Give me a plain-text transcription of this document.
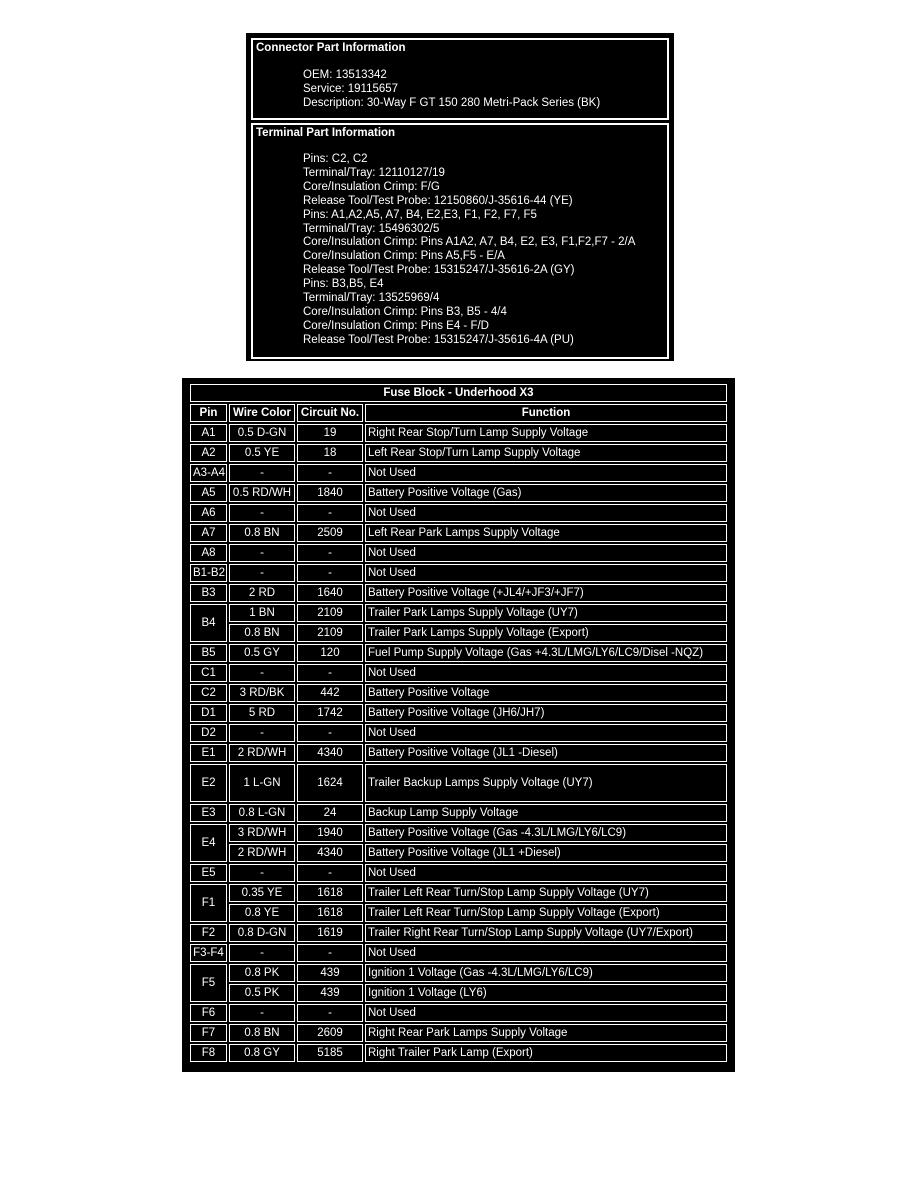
Connector Part Information
OEM: 13513342
Service: 19115657
Description: 30-Way F GT 150 280 Metri-Pack Series (BK)
Terminal Part Information
Pins: C2, C2
Terminal/Tray: 12110127/19
Core/Insulation Crimp: F/G
Release Tool/Test Probe: 12150860/J-35616-44 (YE)
Pins: A1,A2,A5, A7, B4, E2,E3, F1, F2, F7, F5
Terminal/Tray: 15496302/5
Core/Insulation Crimp: Pins A1A2, A7, B4, E2, E3, F1,F2,F7 - 2/A
Core/Insulation Crimp: Pins A5,F5 - E/A
Release Tool/Test Probe: 15315247/J-35616-2A (GY)
Pins: B3,B5, E4
Terminal/Tray: 13525969/4
Core/Insulation Crimp: Pins B3, B5 - 4/4
Core/Insulation Crimp: Pins E4 - F/D
Release Tool/Test Probe: 15315247/J-35616-4A (PU)
Fuse Block - Underhood X3			
Pin	Wire Color	Circuit No.	Function
A1	0.5 D-GN	19	Right Rear Stop/Turn Lamp Supply Voltage
A2	0.5 YE	18	Left Rear Stop/Turn Lamp Supply Voltage
A3-A4	-	-	Not Used
A5	0.5 RD/WH	1840	Battery Positive Voltage (Gas)
A6	-	-	Not Used
A7	0.8 BN	2509	Left Rear Park Lamps Supply Voltage
A8	-	-	Not Used
B1-B2	-	-	Not Used
B3	2 RD	1640	Battery Positive Voltage (+JL4/+JF3/+JF7)
B4	1 BN	2109	Trailer Park Lamps Supply Voltage (UY7)
	0.8 BN	2109	Trailer Park Lamps Supply Voltage (Export)
B5	0.5 GY	120	Fuel Pump Supply Voltage (Gas +4.3L/LMG/LY6/LC9/Disel -NQZ)
C1	-	-	Not Used
C2	3 RD/BK	442	Battery Positive Voltage
D1	5 RD	1742	Battery Positive Voltage (JH6/JH7)
D2	-	-	Not Used
E1	2 RD/WH	4340	Battery Positive Voltage (JL1 -Diesel)
E2	1 L-GN	1624	Trailer Backup Lamps Supply Voltage (UY7)
E3	0.8 L-GN	24	Backup Lamp Supply Voltage
E4	3 RD/WH	1940	Battery Positive Voltage (Gas -4.3L/LMG/LY6/LC9)
	2 RD/WH	4340	Battery Positive Voltage (JL1 +Diesel)
E5	-	-	Not Used
F1	0.35 YE	1618	Trailer Left Rear Turn/Stop Lamp Supply Voltage (UY7)
	0.8 YE	1618	Trailer Left Rear Turn/Stop Lamp Supply Voltage (Export)
F2	0.8 D-GN	1619	Trailer Right Rear Turn/Stop Lamp Supply Voltage (UY7/Export)
F3-F4	-	-	Not Used
F5	0.8 PK	439	Ignition 1 Voltage (Gas -4.3L/LMG/LY6/LC9)
	0.5 PK	439	Ignition 1 Voltage (LY6)
F6	-	-	Not Used
F7	0.8 BN	2609	Right Rear Park Lamps Supply Voltage
F8	0.8 GY	5185	Right Trailer Park Lamp (Export)
